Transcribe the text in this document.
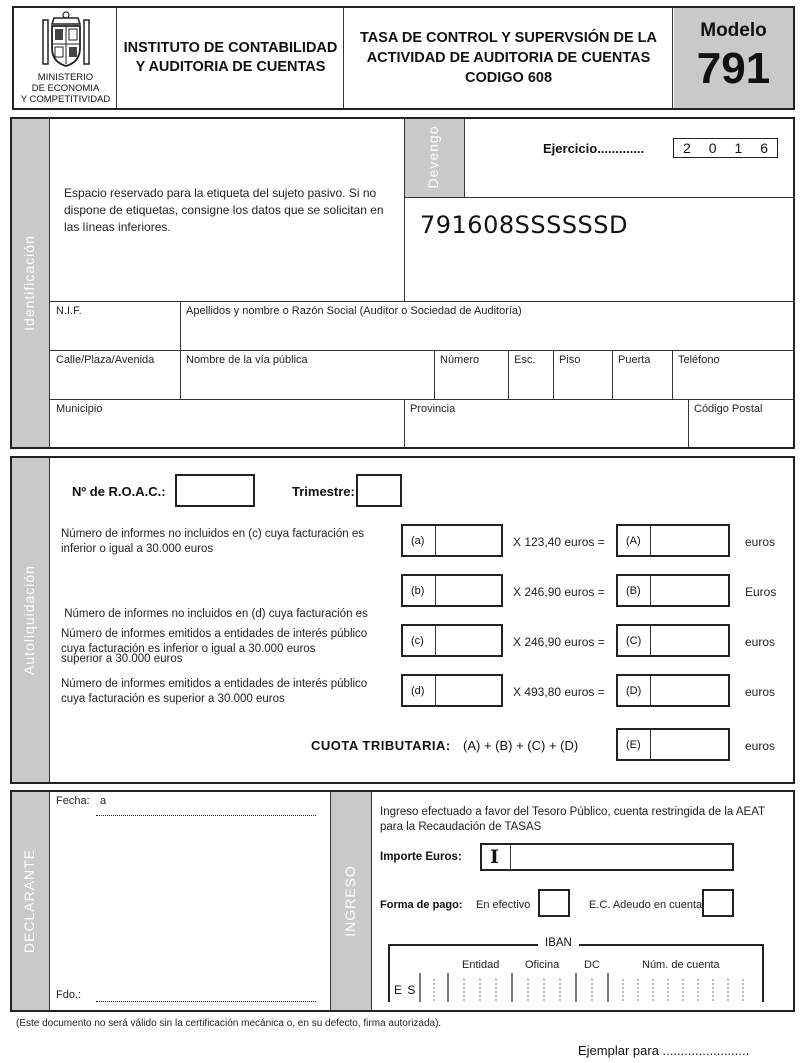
MINISTERIO
DE ECONOMIA
Y COMPETITIVIDAD
INSTITUTO DE CONTABILIDAD
Y AUDITORIA DE CUENTAS
TASA DE CONTROL Y SUPERVSIÓN DE LA
ACTIVIDAD DE AUDITORIA DE CUENTAS
CODIGO 608
Modelo
791
Identificación
Espacio reservado para la etiqueta del sujeto pasivo. Si no dispone de etiquetas, consigne los datos que se solicitan en las líneas inferiores.
Devengo	Ejercicio.............	2 0 1 6
791608SSSSSSD
N.I.F.	Apellidos y nombre o Razón Social (Auditor o Sociedad de Auditoría)
Calle/Plaza/Avenida	Nombre de la vía pública	Número	Esc. Piso	Puerta	Teléfono
Municipio	Provincia	Código Postal
Autoliquidación
Nº de R.O.A.C.:	Trimestre:
Número de informes no incluidos en (c) cuya facturación es
inferior o igual a 30.000 euros
(a)	X 123,40 euros = (A)	euros

Número de informes no incluidos en (d) cuya facturación es

superior a 30.000 euros

(b)	X 246,90 euros = (B)	Euros
Número de informes emitidos a entidades de interés público
cuya facturación es inferior o igual a 30.000 euros
(c)	X 246,90 euros = (C)	euros
Número de informes emitidos a entidades de interés público
cuya facturación es superior a 30.000 euros
(d)	X 493,80 euros = (D)	euros
CUOTA TRIBUTARIA: (A) + (B) + (C) + (D)	(E)	euros
DECLARANTE
Fecha: a
Fdo.:
INGRESO
Ingreso efectuado a favor del Tesoro Público, cuenta restringida de la AEAT
para la Recaudación de TASAS
Importe Euros: I
Forma de pago: En efectivo	E.C. Adeudo en cuenta
IBAN
Entidad Oficina DC	Núm. de cuenta
E S
(Este documento no será válido sin la certificación mecánica o, en su defecto, firma autorizada).
Ejemplar para ........................
